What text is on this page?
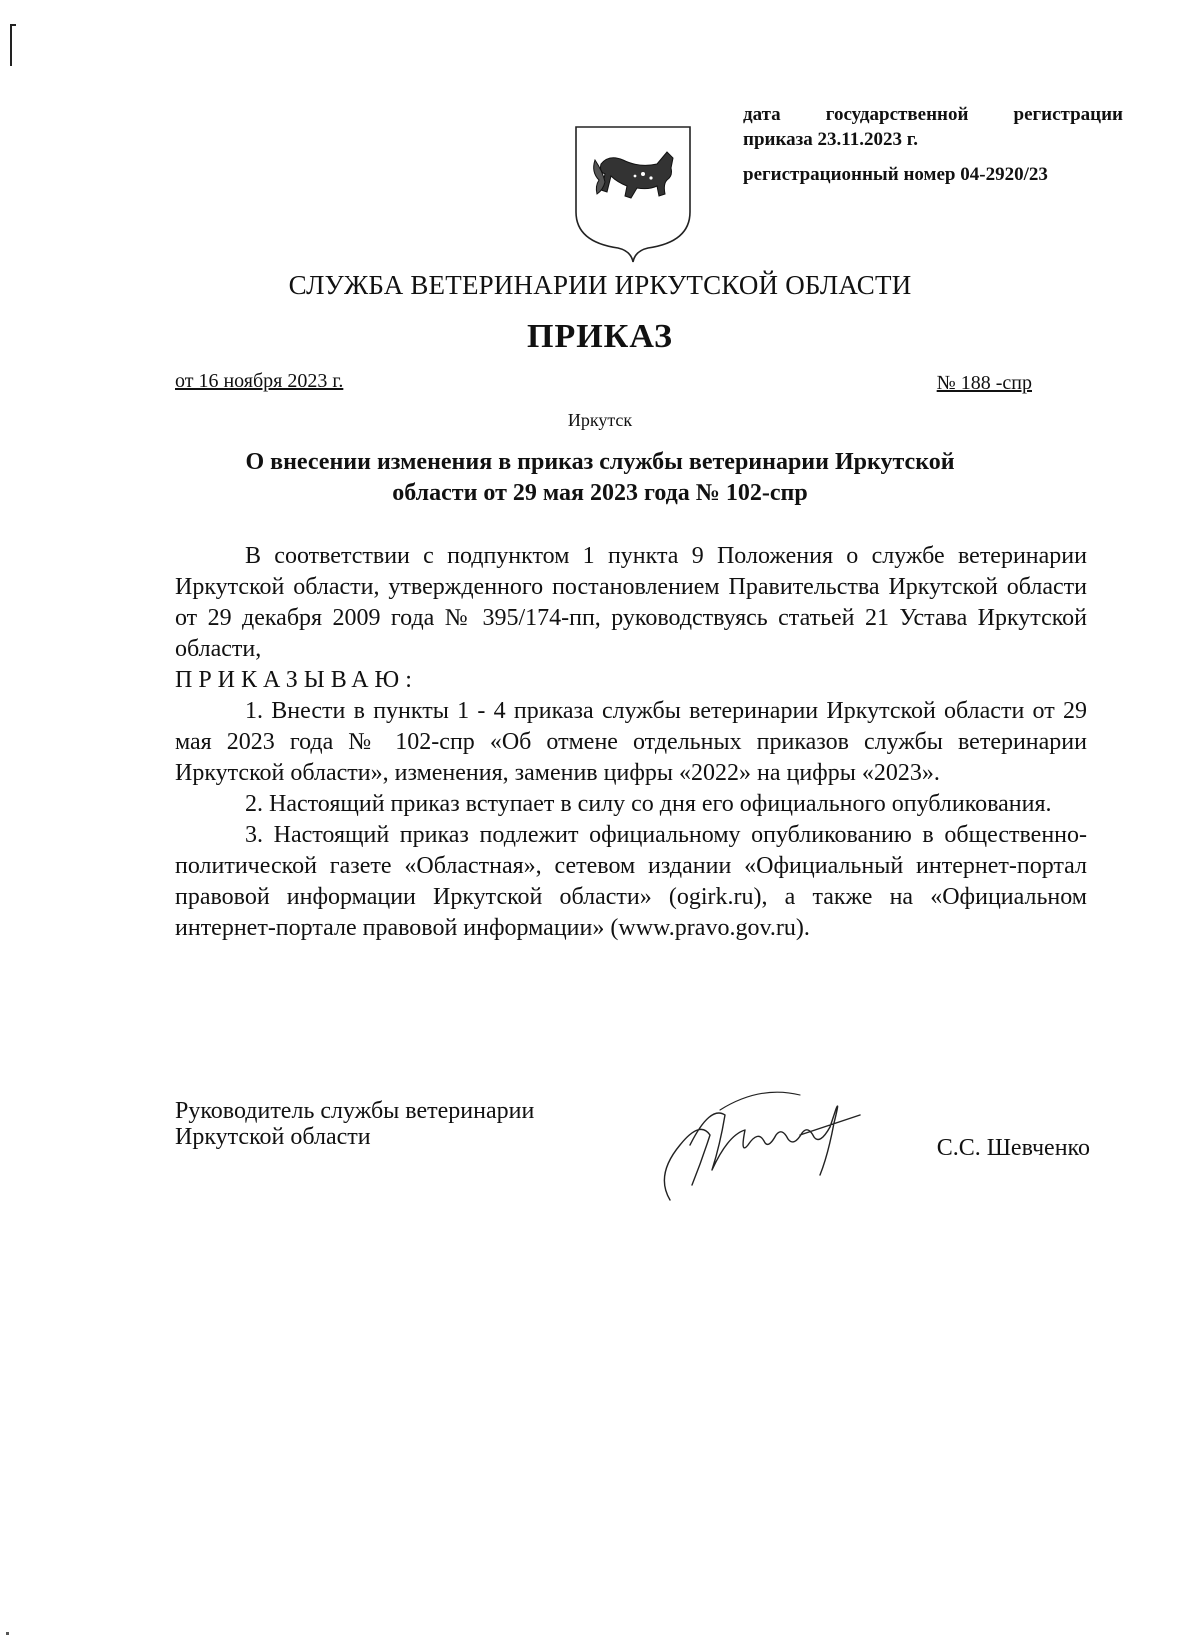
дата государственной регистрации
приказа 23.11.2023 г.
регистрационный номер 04-2920/23
СЛУЖБА ВЕТЕРИНАРИИ ИРКУТСКОЙ ОБЛАСТИ
ПРИКАЗ
от 16 ноября 2023 г.	№ 188 -спр
Иркутск
О внесении изменения в приказ службы ветеринарии Иркутской
области от 29 мая 2023 года № 102-спр

В соответствии с подпунктом 1 пункта 9 Положения о службе ветеринарии Иркутской области, утвержденного постановлением Правительства Иркутской области от 29 декабря 2009 года № 395/174-пп, руководствуясь статьей 21 Устава Иркутской области,

ПРИКАЗЫВАЮ:

1. Внести в пункты 1 - 4 приказа службы ветеринарии Иркутской области от 29 мая 2023 года № 102-спр «Об отмене отдельных приказов службы ветеринарии Иркутской области», изменения, заменив цифры «2022» на цифры «2023».

2. Настоящий приказ вступает в силу со дня его официального опубликования.

3. Настоящий приказ подлежит официальному опубликованию в общественно-политической газете «Областная», сетевом издании «Официальный интернет-портал правовой информации Иркутской области» (ogirk.ru), а также на «Официальном интернет-портале правовой информации» (www.pravo.gov.ru).

Руководитель службы ветеринарии
Иркутской области	С.С. Шевченко
